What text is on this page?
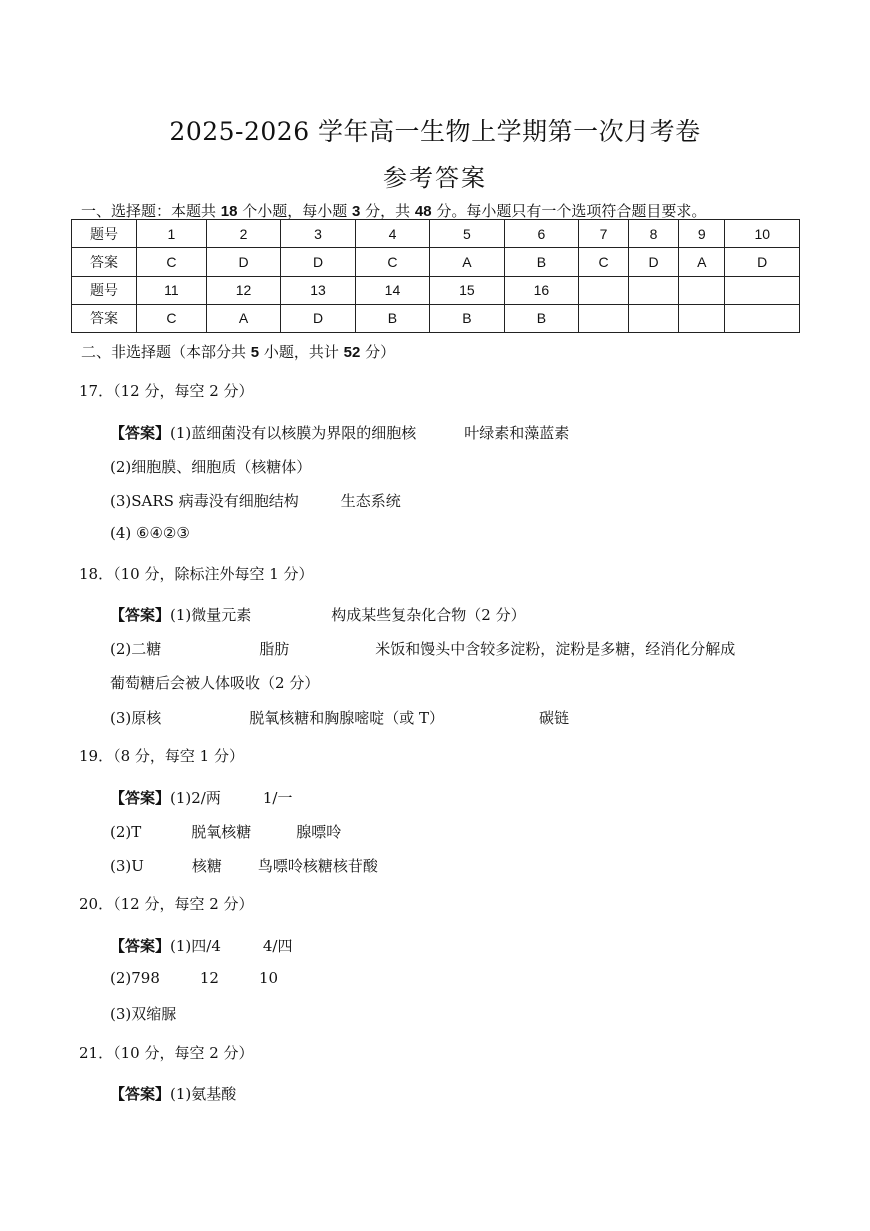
2025-2026 学年高一生物上学期第一次月考卷
参考答案
一、选择题：本题共 18 个小题，每小题 3 分，共 48 分。每小题只有一个选项符合题目要求。
题号	1	2	3	4	5	6	7	8	9	10
答案	C	D	D	C	A	B	C	D	A	D
题号	11	12	13	14	15	16				
答案	C	A	D	B	B	B				
二、非选择题（本部分共 5 小题，共计 52 分）
17．（12 分，每空 2 分）
【答案】(1)蓝细菌没有以核膜为界限的细胞核	叶绿素和藻蓝素
(2)细胞膜、细胞质（核糖体）
(3)SARS 病毒没有细胞结构	生态系统
(4) ⑥④②③
18．（10 分，除标注外每空 1 分）
【答案】(1)微量元素	构成某些复杂化合物（2 分）
(2)二糖	脂肪	米饭和馒头中含较多淀粉，淀粉是多糖，经消化分解成
葡萄糖后会被人体吸收（2 分）
(3)原核	脱氧核糖和胸腺嘧啶（或 T）	碳链
19．（8 分，每空 1 分）
【答案】(1)2/两	1/一
(2)T	脱氧核糖	腺嘌呤
(3)U	核糖 鸟嘌呤核糖核苷酸
20．（12 分，每空 2 分）
【答案】(1)四/4	4/四
(2)798	12	10
(3)双缩脲
21．（10 分，每空 2 分）
【答案】(1)氨基酸
